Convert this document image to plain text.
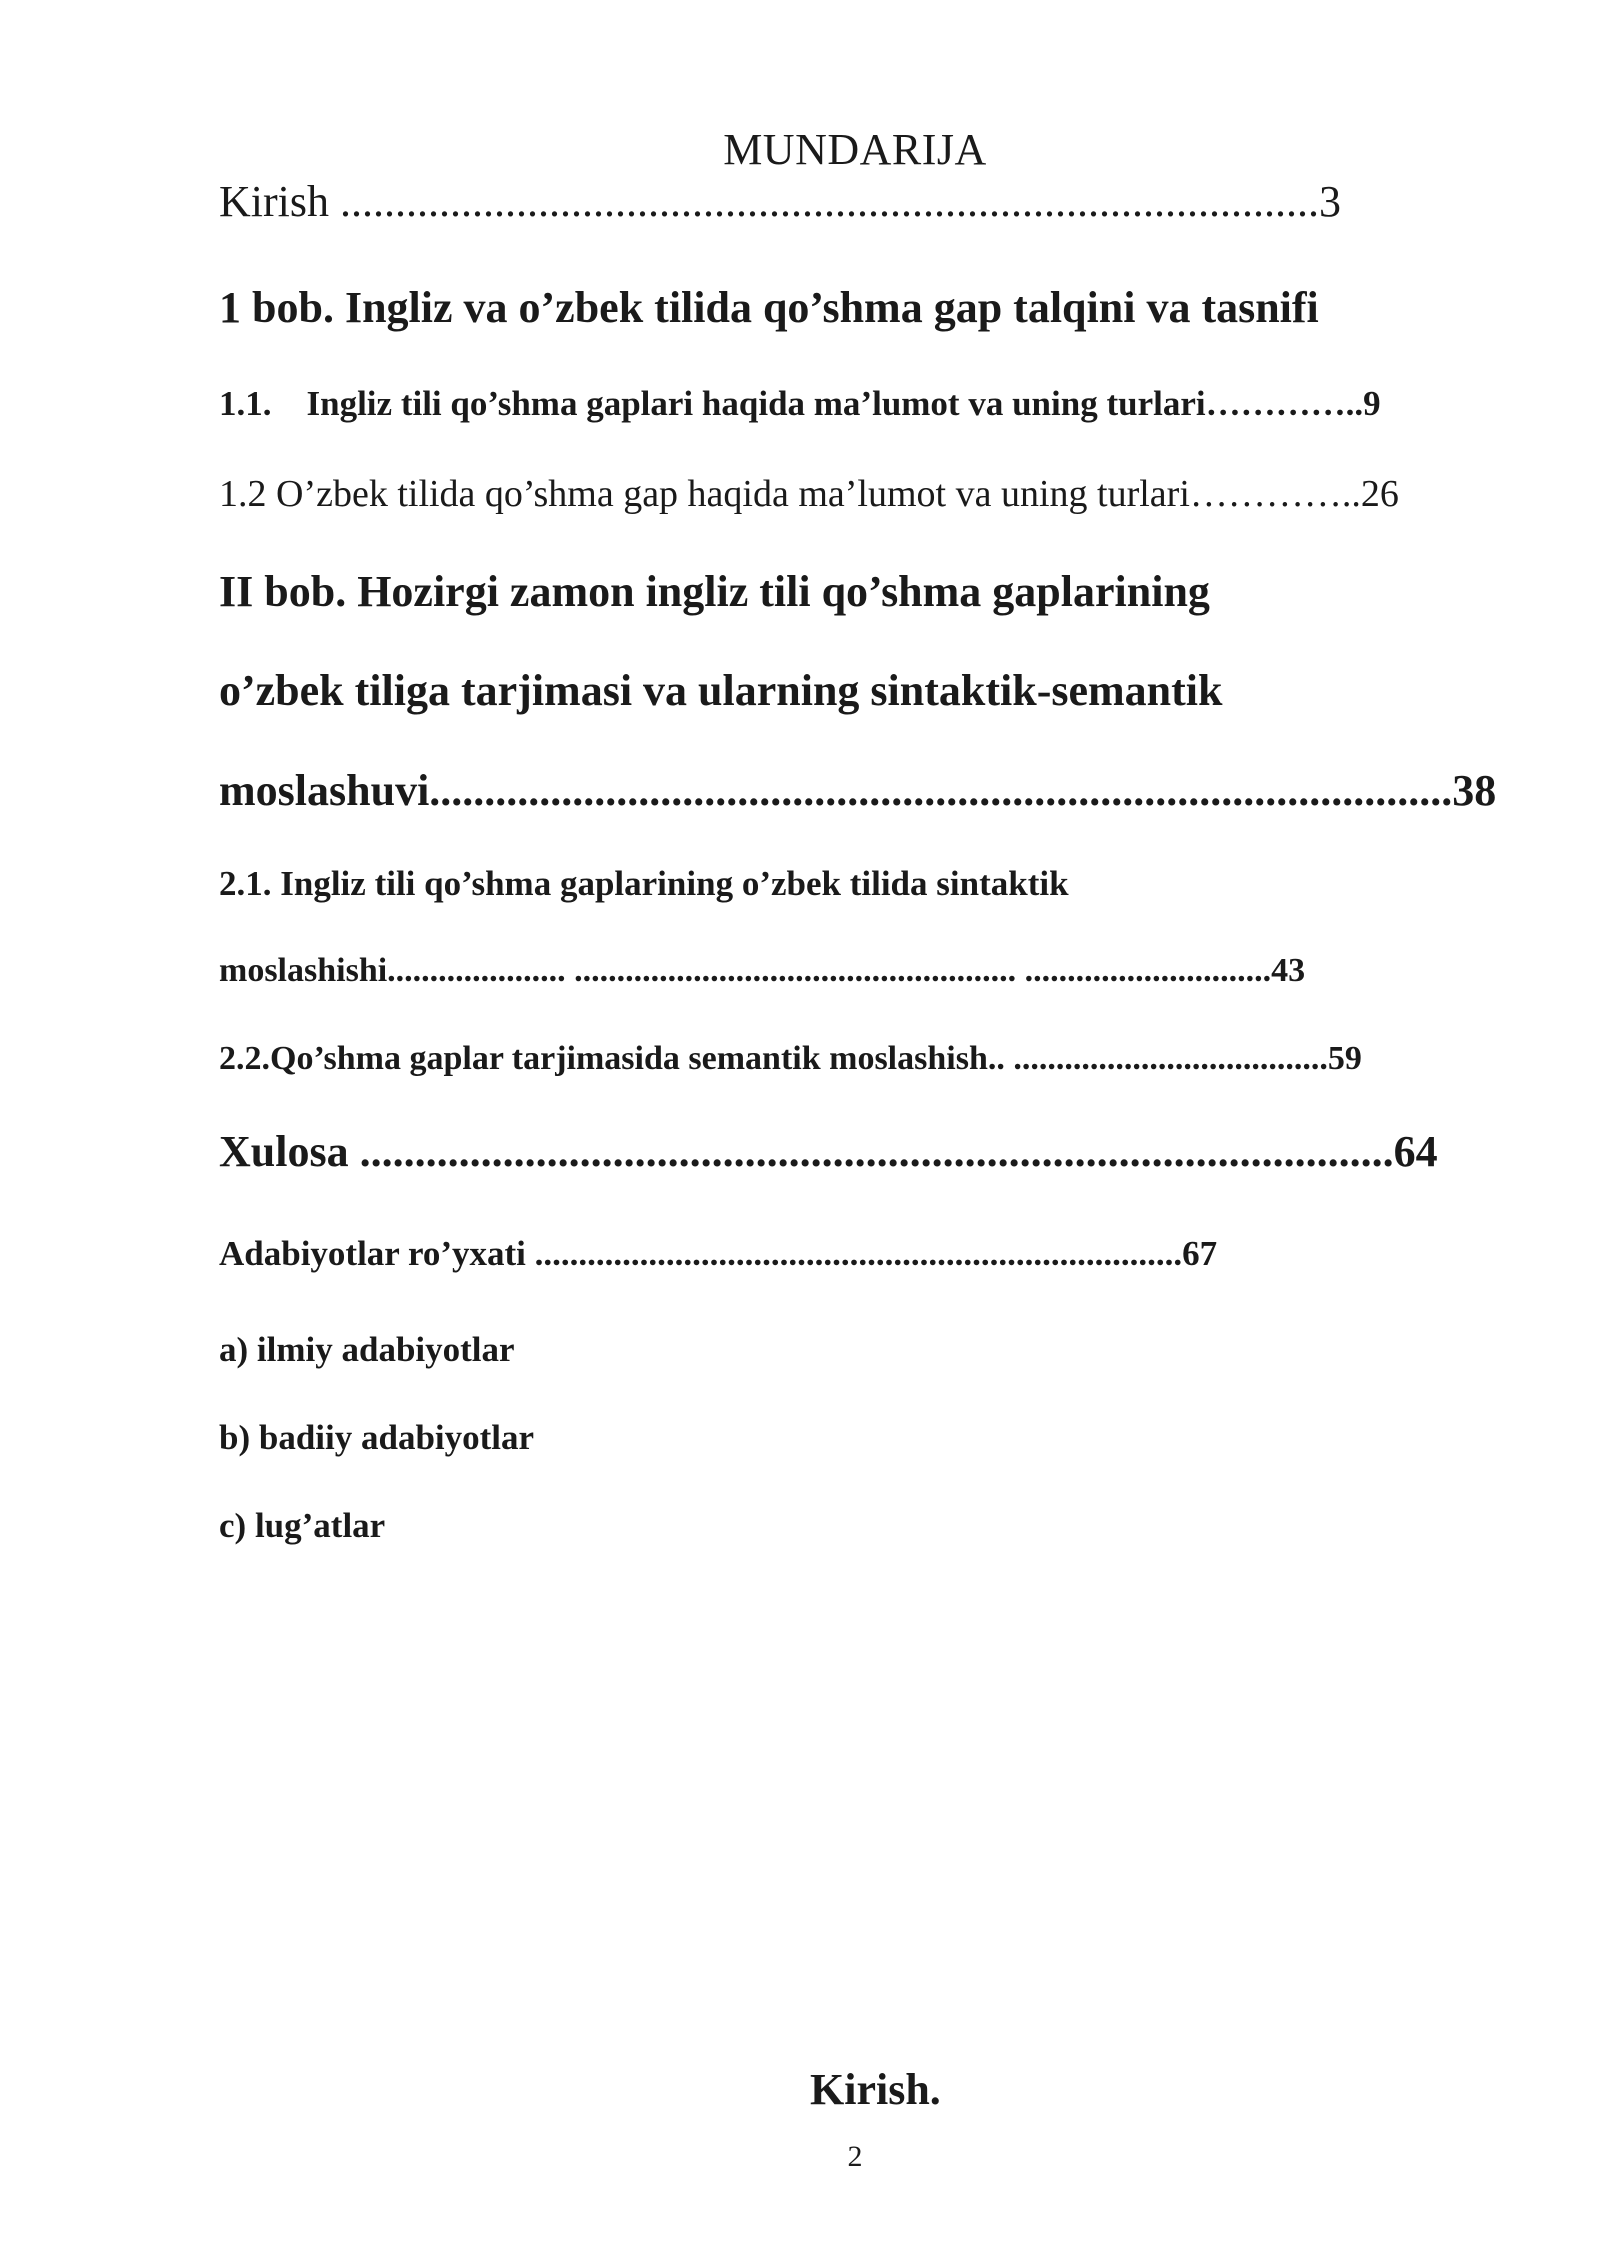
MUNDARIJA
Kirish .........................................................................................3
1 bob. Ingliz va o’zbek tilida qo’shma gap talqini va tasnifi
1.1.    Ingliz tili qo’shma gaplari haqida ma’lumot va uning turlari…………..9
1.2 O’zbek tilida qo’shma gap haqida ma’lumot va uning turlari…………..26
II bob. Hozirgi zamon ingliz tili qo’shma gaplarining
o’zbek tiliga tarjimasi va ularning sintaktik-semantik
moslashuvi.............................................................................................38
2.1. Ingliz tili qo’shma gaplarining o’zbek tilida sintaktik
moslashishi..................... .................................................... .............................43
2.2.Qo’shma gaplar tarjimasida semantik moslashish.. .....................................59
Xulosa ..............................................................................................64
Adabiyotlar ro’yxati ..........................................................................67
a) ilmiy adabiyotlar
b) badiiy adabiyotlar
c) lug’atlar
Kirish.
2
